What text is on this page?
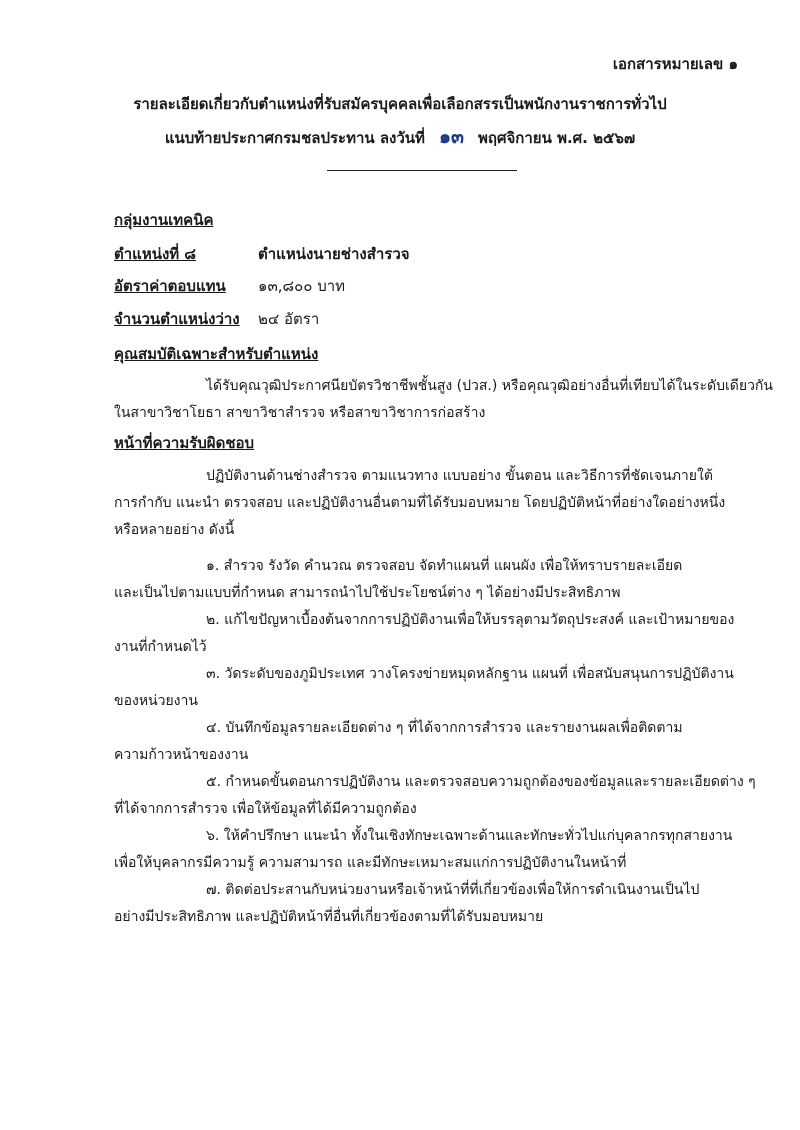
เอกสารหมายเลข ๑
รายละเอียดเกี่ยวกับตำแหน่งที่รับสมัครบุคคลเพื่อเลือกสรรเป็นพนักงานราชการทั่วไป
แนบท้ายประกาศกรมชลประทาน ลงวันที่ ๑๓ พฤศจิกายน พ.ศ. ๒๕๖๗
กลุ่มงานเทคนิค
ตำแหน่งที่ ๘	ตำแหน่งนายช่างสำรวจ
อัตราค่าตอบแทน ๑๓,๘๐๐ บาท
จำนวนตำแหน่งว่าง ๒๔ อัตรา
คุณสมบัติเฉพาะสำหรับตำแหน่ง
ได้รับคุณวุฒิประกาศนียบัตรวิชาชีพชั้นสูง (ปวส.) หรือคุณวุฒิอย่างอื่นที่เทียบได้ในระดับเดียวกัน
ในสาขาวิชาโยธา สาขาวิชาสำรวจ หรือสาขาวิชาการก่อสร้าง
หน้าที่ความรับผิดชอบ
ปฏิบัติงานด้านช่างสำรวจ ตามแนวทาง แบบอย่าง ขั้นตอน และวิธีการที่ชัดเจนภายใต้
การกำกับ แนะนำ ตรวจสอบ และปฏิบัติงานอื่นตามที่ได้รับมอบหมาย โดยปฏิบัติหน้าที่อย่างใดอย่างหนึ่ง
หรือหลายอย่าง ดังนี้
๑. สำรวจ รังวัด คำนวณ ตรวจสอบ จัดทำแผนที่ แผนผัง เพื่อให้ทราบรายละเอียด
และเป็นไปตามแบบที่กำหนด สามารถนำไปใช้ประโยชน์ต่าง ๆ ได้อย่างมีประสิทธิภาพ
๒. แก้ไขปัญหาเบื้องต้นจากการปฏิบัติงานเพื่อให้บรรลุตามวัตถุประสงค์ และเป้าหมายของ
งานที่กำหนดไว้
๓. วัดระดับของภูมิประเทศ วางโครงข่ายหมุดหลักฐาน แผนที่ เพื่อสนับสนุนการปฏิบัติงาน
ของหน่วยงาน
๔. บันทึกข้อมูลรายละเอียดต่าง ๆ ที่ได้จากการสำรวจ และรายงานผลเพื่อติดตาม
ความก้าวหน้าของงาน
๕. กำหนดขั้นตอนการปฏิบัติงาน และตรวจสอบความถูกต้องของข้อมูลและรายละเอียดต่าง ๆ
ที่ได้จากการสำรวจ เพื่อให้ข้อมูลที่ได้มีความถูกต้อง
๖. ให้คำปรึกษา แนะนำ ทั้งในเชิงทักษะเฉพาะด้านและทักษะทั่วไปแก่บุคลากรทุกสายงาน
เพื่อให้บุคลากรมีความรู้ ความสามารถ และมีทักษะเหมาะสมแก่การปฏิบัติงานในหน้าที่
๗. ติดต่อประสานกับหน่วยงานหรือเจ้าหน้าที่ที่เกี่ยวข้องเพื่อให้การดำเนินงานเป็นไป
อย่างมีประสิทธิภาพ และปฏิบัติหน้าที่อื่นที่เกี่ยวข้องตามที่ได้รับมอบหมาย
